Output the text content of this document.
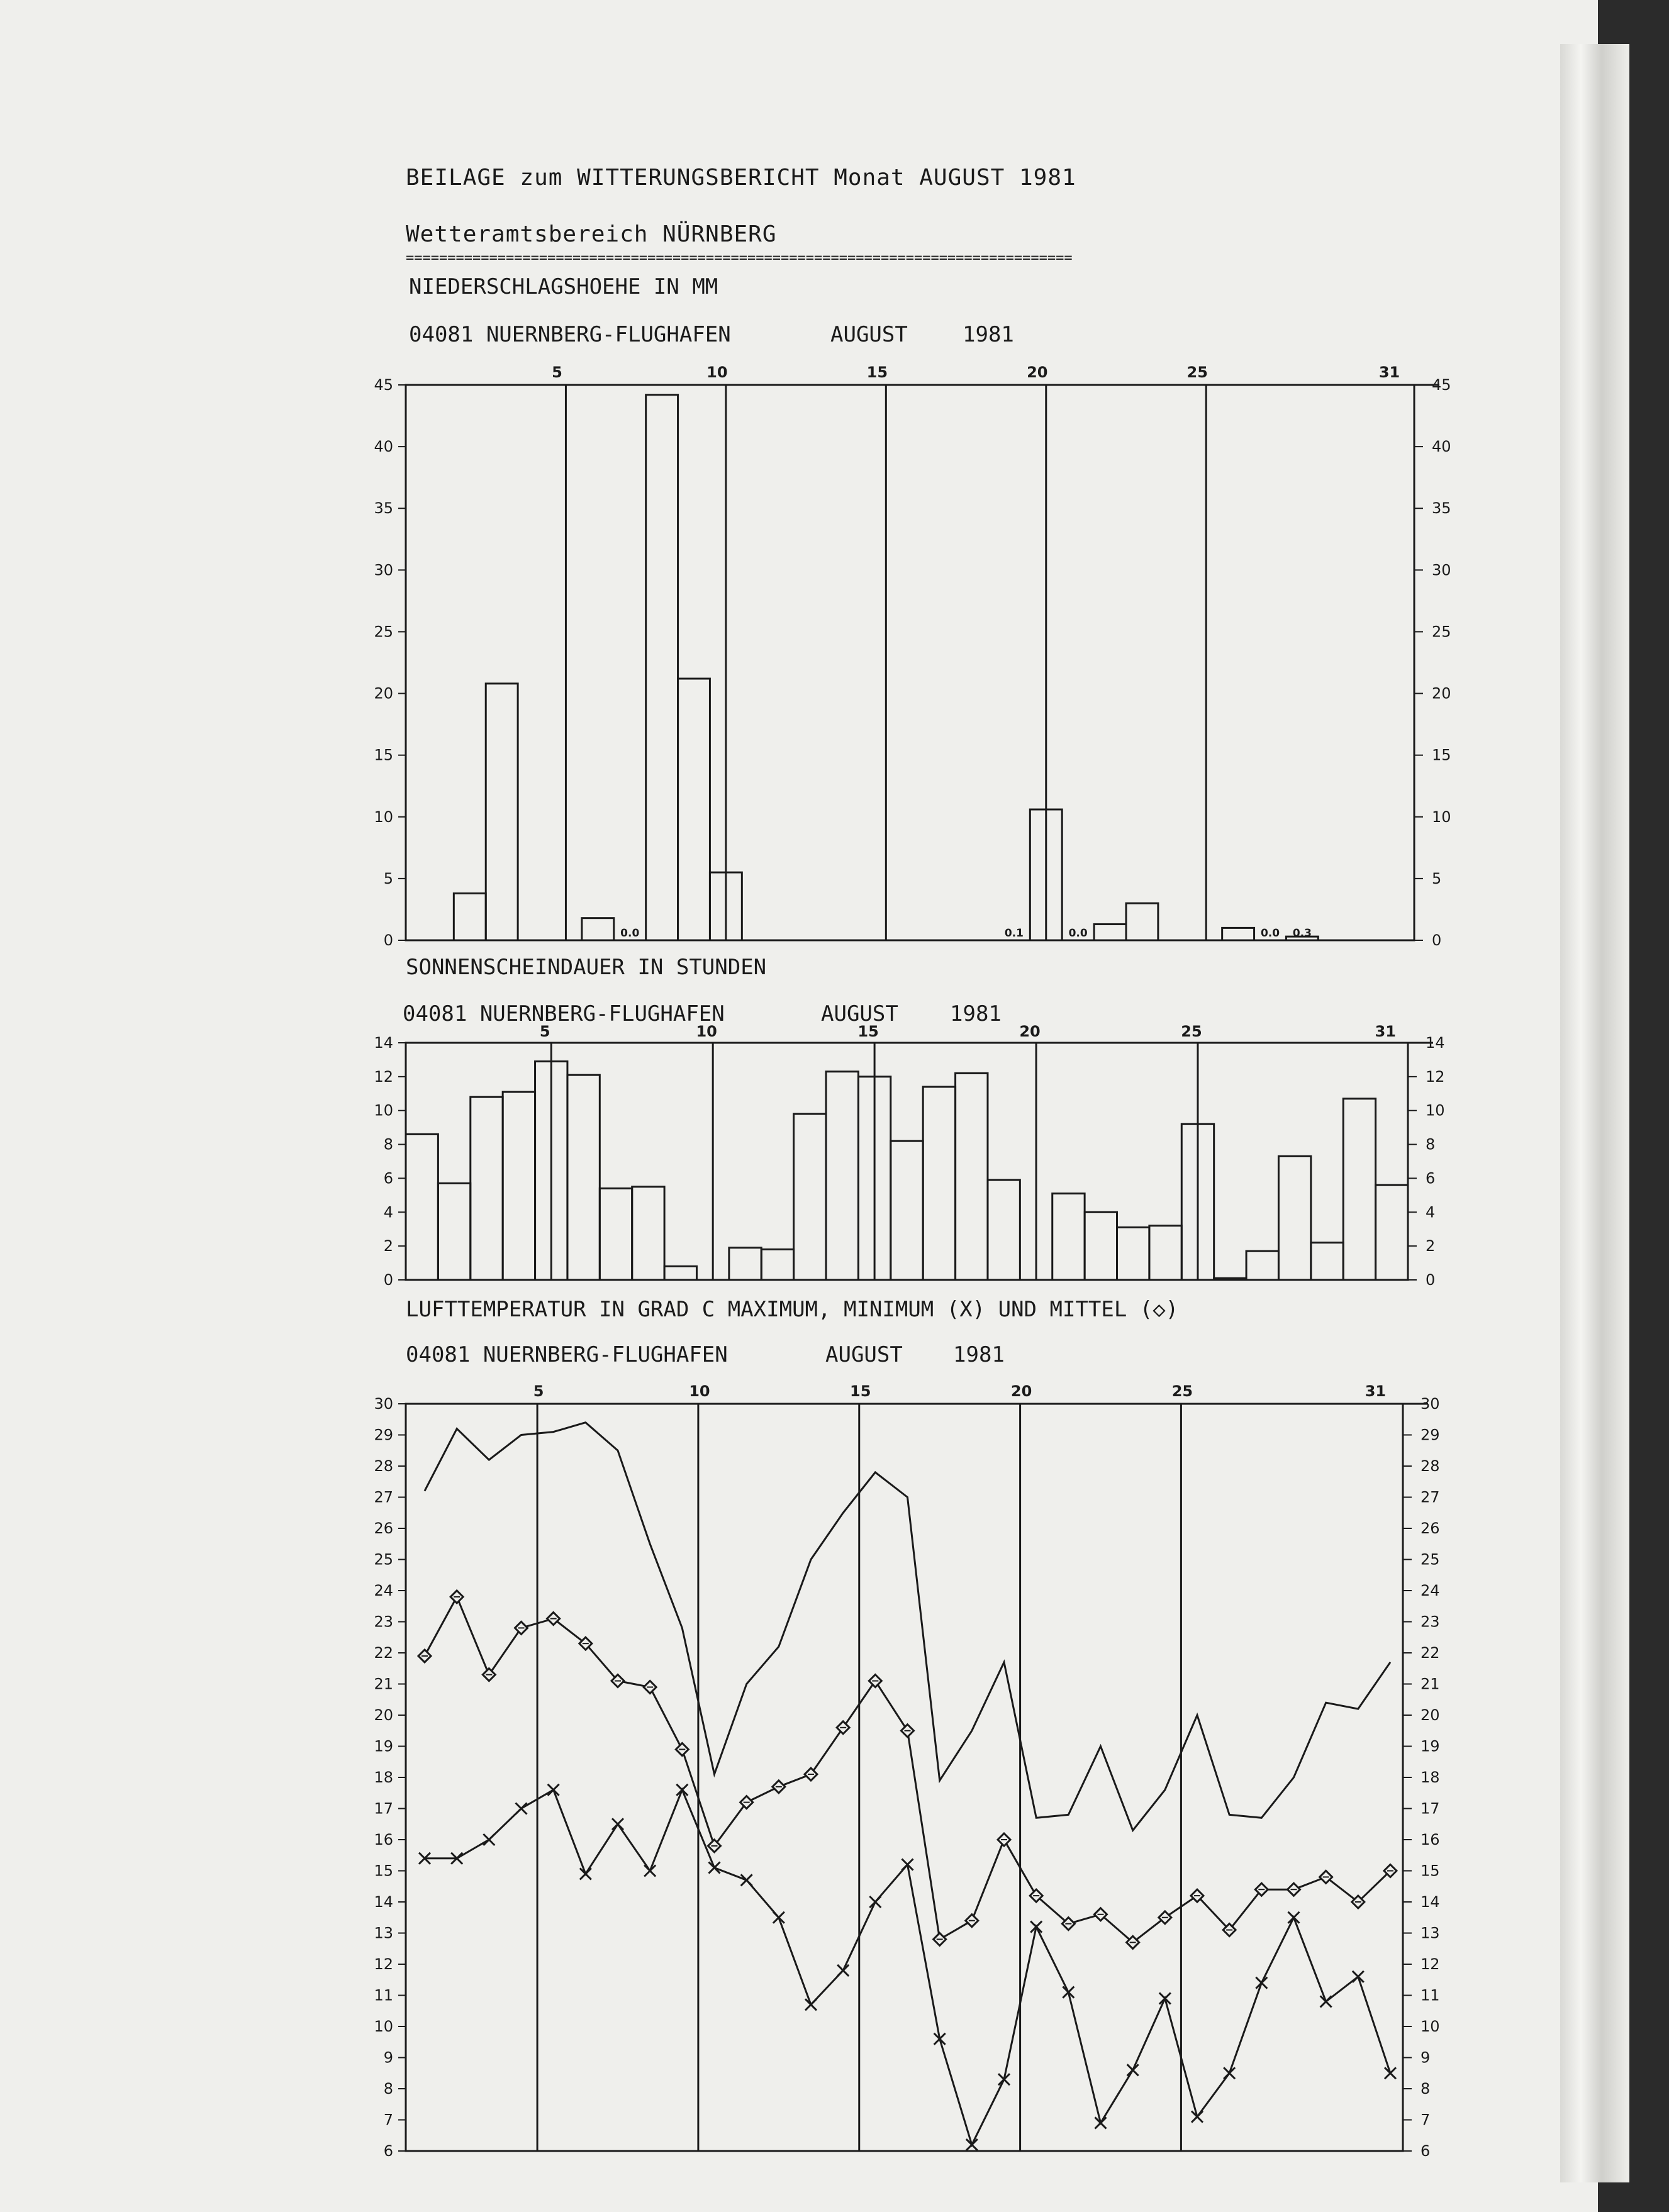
BEILAGE zum WITTERUNGSBERICHT Monat AUGUST 1981
Wetteramtsbereich NÜRNBERG
================================================================================
NIEDERSCHLAGSHOEHE IN MM
04081 NUERNBERG-FLUGHAFEN	AUGUST	1981
SONNENSCHEINDAUER IN STUNDEN
04081 NUERNBERG-FLUGHAFEN	AUGUST 1981
LUFTTEMPERATUR IN GRAD C MAXIMUM, MINIMUM (X) UND MITTEL (◇)
04081 NUERNBERG-FLUGHAFEN	AUGUST 1981
0	0
5	5
10	10
15	15
20	20
25	25
30	30
35	35
40	40
45	45
5	10	15	20	25	31
0.0	0.1	0.0	0.0 0.3
0	0
2	2
4	4
6	6
8	8
10	10
12	12
14	14
5	10	15	20	25	31
6	6
7	7
8	8
9	9
10	10
11	11
12	12
13	13
14	14
15	15
16	16
17	17
18	18
19	19
20	20
21	21
22	22
23	23
24	24
25	25
26	26
27	27
28	28
29	29
30	30
5	10	15	20	25	31
